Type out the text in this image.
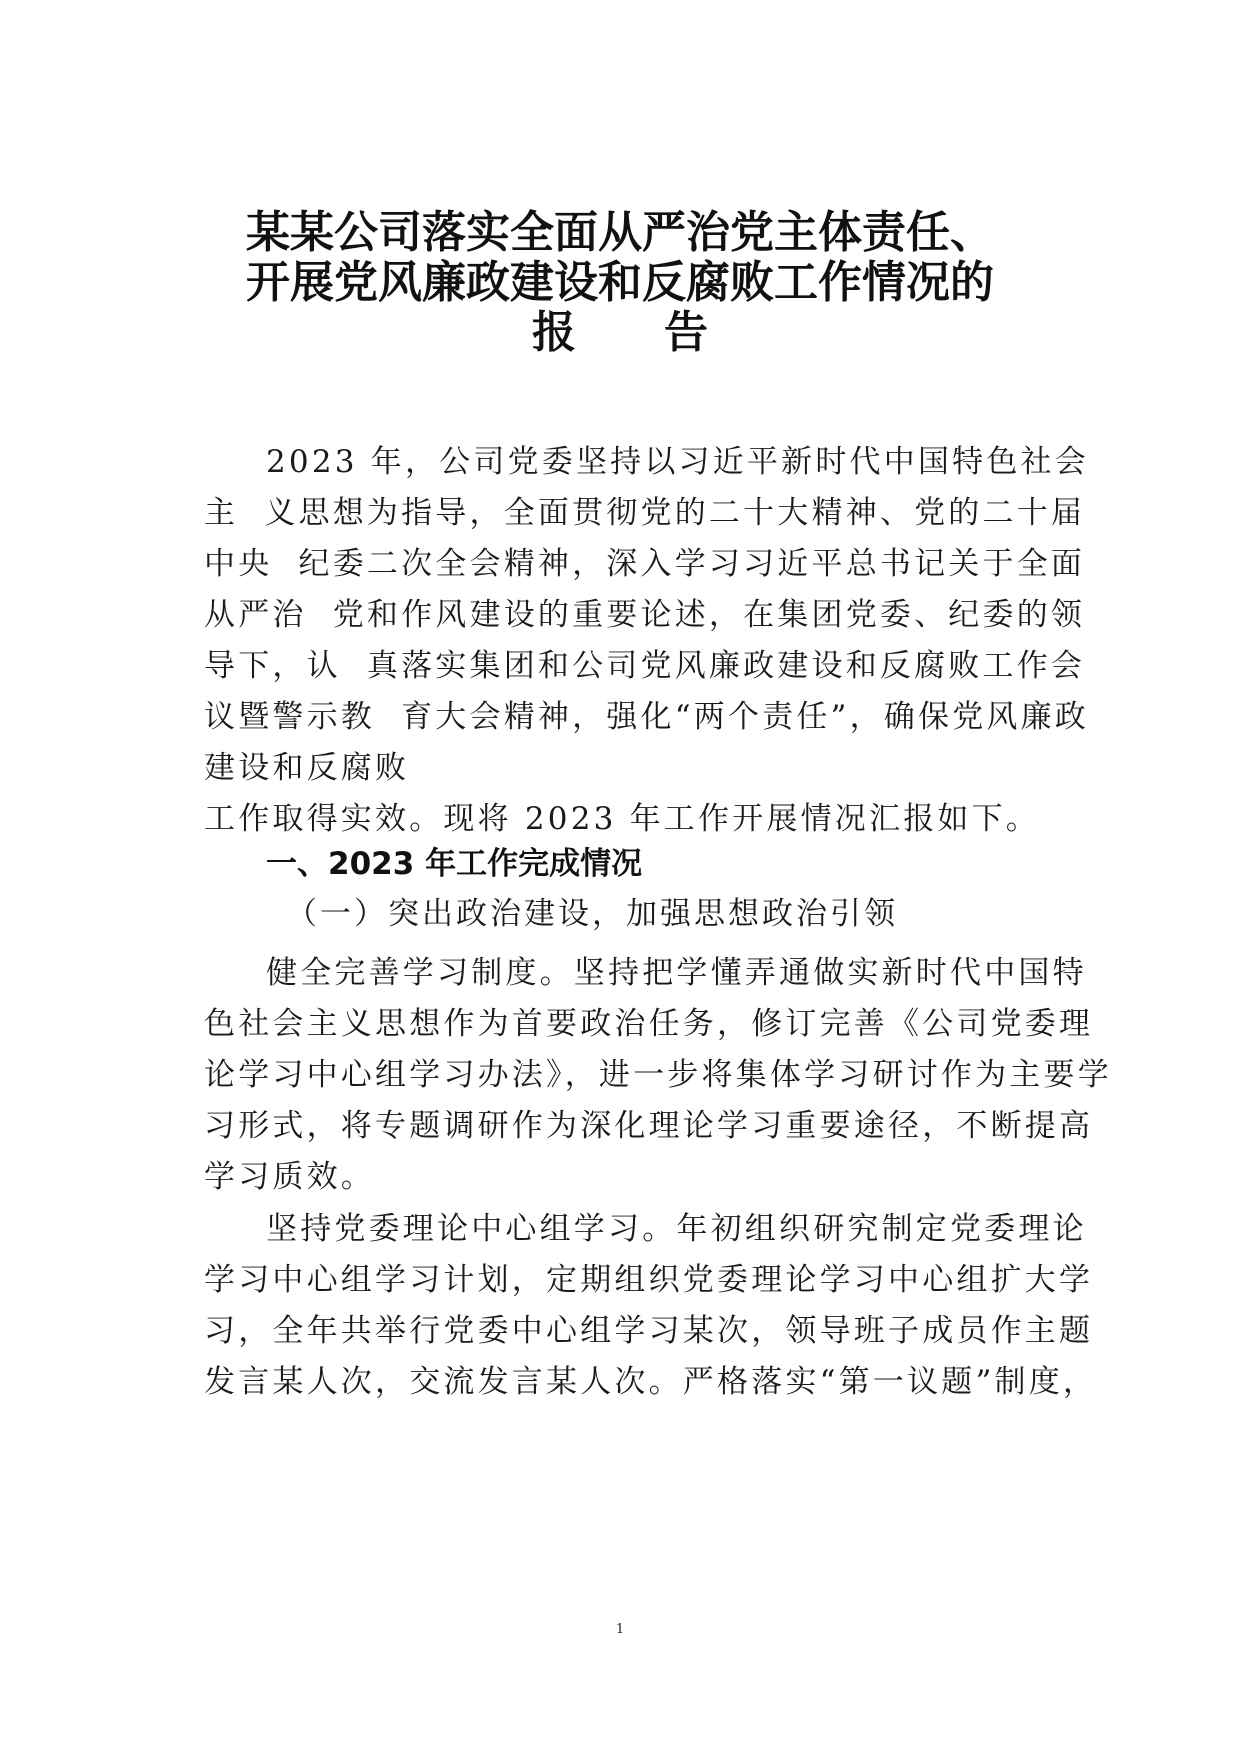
某某公司落实全面从严治党主体责任、
开展党风廉政建设和反腐败工作情况的
报　　告
2023 年，公司党委坚持以习近平新时代中国特色社会
主  义思想为指导，全面贯彻党的二十大精神、党的二十届
中央  纪委二次全会精神，深入学习习近平总书记关于全面
从严治  党和作风建设的重要论述，在集团党委、纪委的领
导下，认  真落实集团和公司党风廉政建设和反腐败工作会
议暨警示教  育大会精神，强化“两个责任”，确保党风廉政
建设和反腐败
工作取得实效。现将 2023 年工作开展情况汇报如下。
一、2023 年工作完成情况
（一）突出政治建设，加强思想政治引领
健全完善学习制度。坚持把学懂弄通做实新时代中国特
色社会主义思想作为首要政治任务，修订完善《公司党委理
论学习中心组学习办法》，进一步将集体学习研讨作为主要学
习形式，将专题调研作为深化理论学习重要途径，不断提高
学习质效。
坚持党委理论中心组学习。年初组织研究制定党委理论
学习中心组学习计划，定期组织党委理论学习中心组扩大学
习，全年共举行党委中心组学习某次，领导班子成员作主题
发言某人次，交流发言某人次。严格落实“第一议题”制度，
1
